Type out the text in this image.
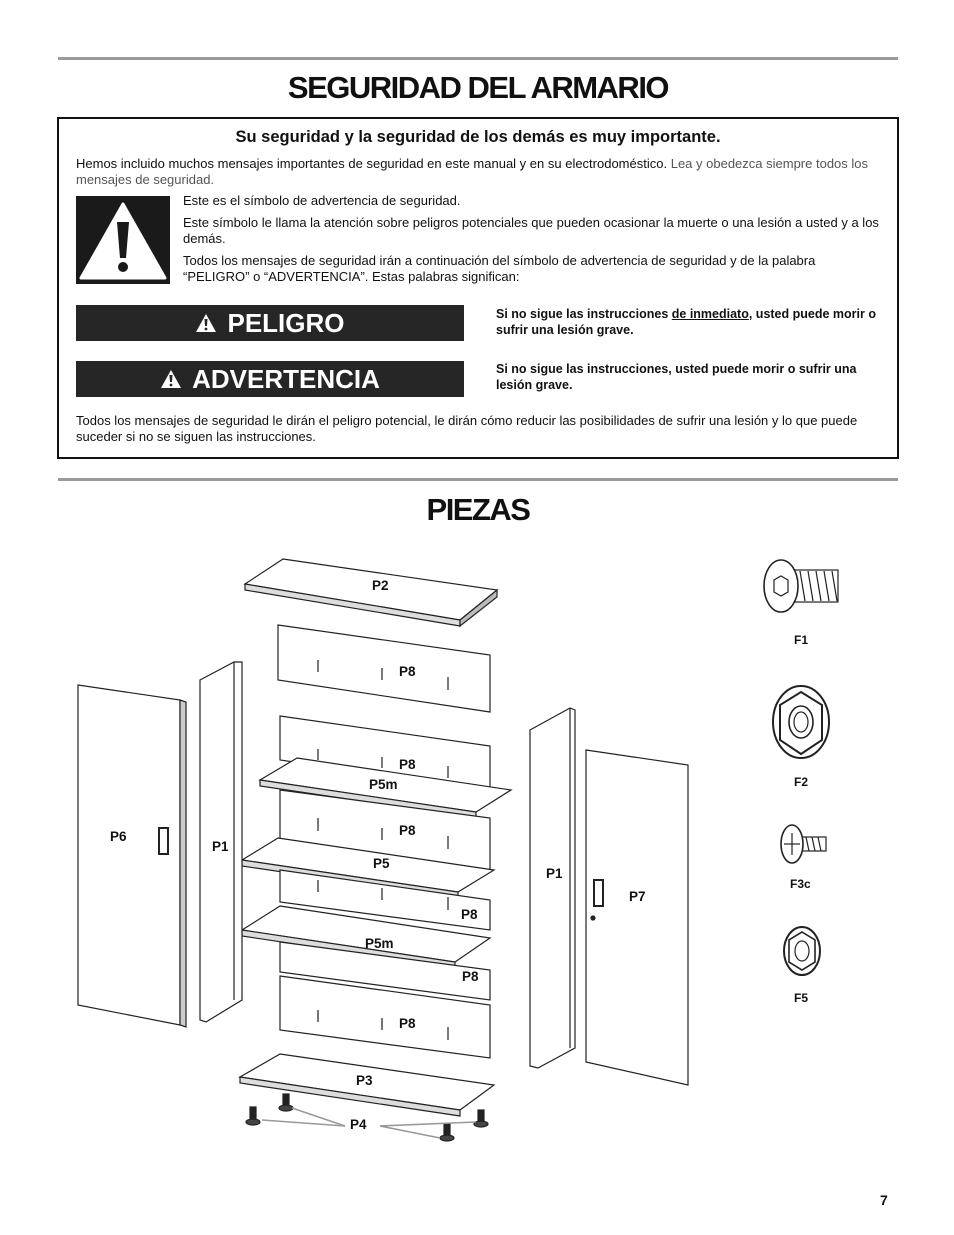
SEGURIDAD DEL ARMARIO
Su seguridad y la seguridad de los demás es muy importante.
Hemos incluido muchos mensajes importantes de seguridad en este manual y en su electrodoméstico. Lea y obedezca siempre todos los mensajes de seguridad.
Este es el símbolo de advertencia de seguridad.
Este símbolo le llama la atención sobre peligros potenciales que pueden ocasionar la muerte o una lesión a usted y a los demás.
Todos los mensajes de seguridad irán a continuación del símbolo de advertencia de seguridad y de la palabra “PELIGRO” o “ADVERTENCIA”. Estas palabras significan:
PELIGRO	Si no sigue las instrucciones de inmediato, usted puede morir o sufrir una lesión grave.
ADVERTENCIA	Si no sigue las instrucciones, usted puede morir o sufrir una lesión grave.
Todos los mensajes de seguridad le dirán el peligro potencial, le dirán cómo reducir las posibilidades de sufrir una lesión y lo que puede suceder si no se siguen las instrucciones.
PIEZAS
P2
P8
P8
P5m
P8
P6
P1
P5
P1
P7
P8
P5m
P8
P8
P3
P4
F1
F2
F3c
F5
7
